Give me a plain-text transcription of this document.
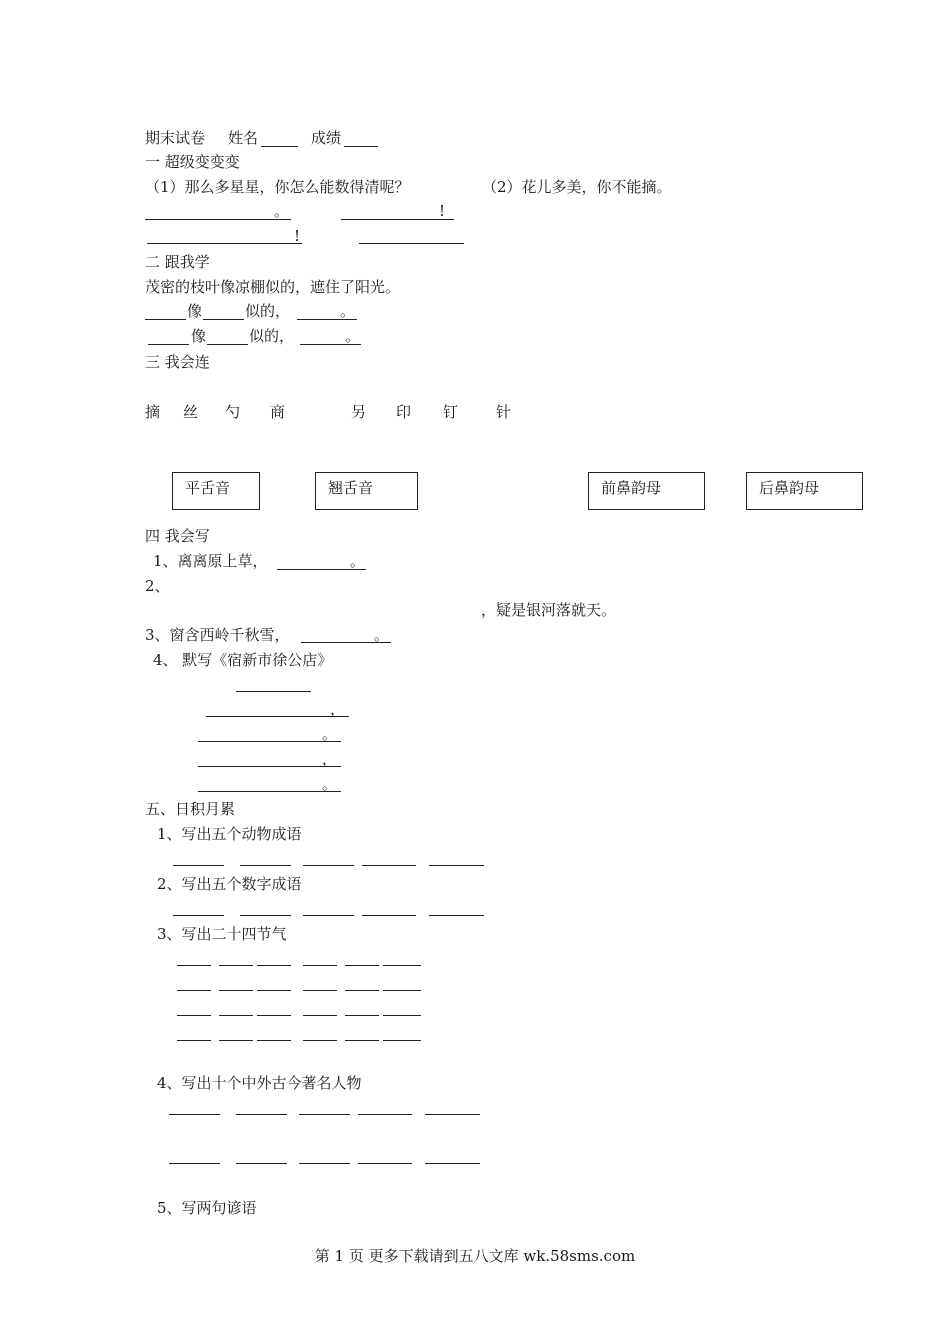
期末试卷 姓名	成绩
一 超级变变变
（1）那么多星星，你怎么能数得清呢？	（2）花儿多美，你不能摘。
。	!
!
二 跟我学
茂密的枝叶像凉棚似的，遮住了阳光。
像	似的，	。
像	似的，	。
三 我会连
摘 丝 勺 商	另 印 钉	针
平舌音	翘舌音	前鼻韵母	后鼻韵母
四 我会写
1、离离原上草，	。
2、
，疑是银河落就天。
3、窗含西岭千秋雪，	。
4、 默写《宿新市徐公店》
，
。
，
。
五、日积月累
1、写出五个动物成语
2、写出五个数字成语
3、写出二十四节气
4、写出十个中外古今著名人物
5、写两句谚语
第 1 页 更多下载请到五八文库 wk.58sms.com
